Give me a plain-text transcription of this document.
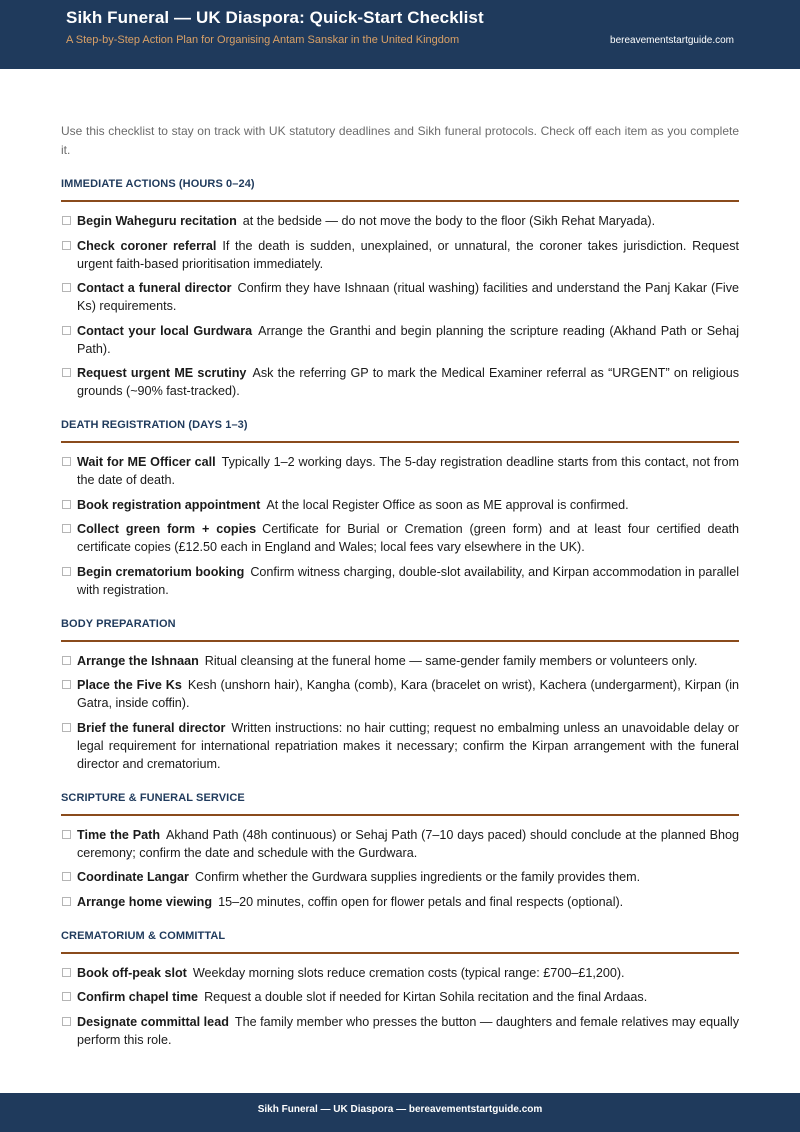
Sikh Funeral — UK Diaspora: Quick-Start Checklist
A Step-by-Step Action Plan for Organising Antam Sanskar in the United Kingdom	bereavementstartguide.com

Use this checklist to stay on track with UK statutory deadlines and Sikh funeral protocols. Check off each item as you complete it.

IMMEDIATE ACTIONS (HOURS 0–24)
Begin Waheguru recitation at the bedside — do not move the body to the floor (Sikh Rehat Maryada).
Check coroner referral If the death is sudden, unexplained, or unnatural, the coroner takes jurisdiction. Request urgent faith-based prioritisation immediately.
Contact a funeral director Confirm they have Ishnaan (ritual washing) facilities and understand the Panj Kakar (Five Ks) requirements.
Contact your local Gurdwara Arrange the Granthi and begin planning the scripture reading (Akhand Path or Sehaj Path).
Request urgent ME scrutiny Ask the referring GP to mark the Medical Examiner referral as “URGENT” on religious grounds (~90% fast-tracked).
DEATH REGISTRATION (DAYS 1–3)
Wait for ME Officer call Typically 1–2 working days. The 5-day registration deadline starts from this contact, not from the date of death.
Book registration appointment At the local Register Office as soon as ME approval is confirmed.
Collect green form + copies Certificate for Burial or Cremation (green form) and at least four certified death certificate copies (£12.50 each in England and Wales; local fees vary elsewhere in the UK).
Begin crematorium booking Confirm witness charging, double-slot availability, and Kirpan accommodation in parallel with registration.
BODY PREPARATION
Arrange the Ishnaan Ritual cleansing at the funeral home — same-gender family members or volunteers only.
Place the Five Ks Kesh (unshorn hair), Kangha (comb), Kara (bracelet on wrist), Kachera (undergarment), Kirpan (in Gatra, inside coffin).
Brief the funeral director Written instructions: no hair cutting; request no embalming unless an unavoidable delay or legal requirement for international repatriation makes it necessary; confirm the Kirpan arrangement with the funeral director and crematorium.
SCRIPTURE & FUNERAL SERVICE
Time the Path Akhand Path (48h continuous) or Sehaj Path (7–10 days paced) should conclude at the planned Bhog ceremony; confirm the date and schedule with the Gurdwara.
Coordinate Langar Confirm whether the Gurdwara supplies ingredients or the family provides them.
Arrange home viewing 15–20 minutes, coffin open for flower petals and final respects (optional).
CREMATORIUM & COMMITTAL
Book off-peak slot Weekday morning slots reduce cremation costs (typical range: £700–£1,200).
Confirm chapel time Request a double slot if needed for Kirtan Sohila recitation and the final Ardaas.
Designate committal lead The family member who presses the button — daughters and female relatives may equally perform this role.
Sikh Funeral — UK Diaspora — bereavementstartguide.com
